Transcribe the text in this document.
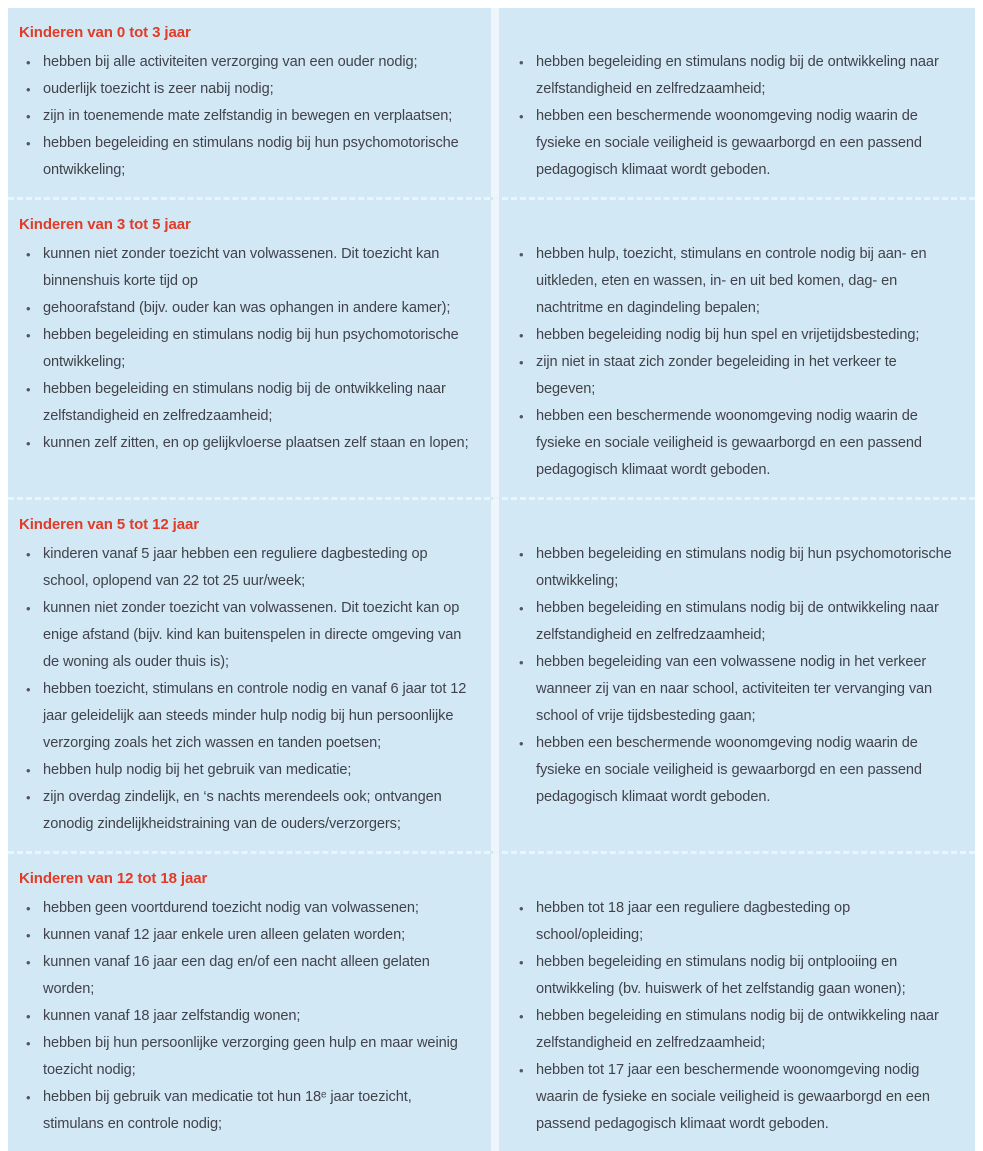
Kinderen van 0 tot 3 jaar
• hebben bij alle activiteiten verzorging van een ouder nodig;
• ouderlijk toezicht is zeer nabij nodig;
• zijn in toenemende mate zelfstandig in bewegen en verplaatsen;
• hebben begeleiding en stimulans nodig bij hun psychomotorische ontwikkeling;
• hebben begeleiding en stimulans nodig bij de ontwikkeling naar zelfstandigheid en zelfredzaamheid;
• hebben een beschermende woonomgeving nodig waarin de fysieke en sociale veiligheid is gewaarborgd en een passend pedagogisch klimaat wordt geboden.
Kinderen van 3 tot 5 jaar
• kunnen niet zonder toezicht van volwassenen. Dit toezicht kan binnenshuis korte tijd op
• gehoorafstand (bijv. ouder kan was ophangen in andere kamer);
• hebben begeleiding en stimulans nodig bij hun psychomotorische ontwikkeling;
• hebben begeleiding en stimulans nodig bij de ontwikkeling naar zelfstandigheid en zelfredzaamheid;
• kunnen zelf zitten, en op gelijkvloerse plaatsen zelf staan en lopen;
• hebben hulp, toezicht, stimulans en controle nodig bij aan- en uitkleden, eten en wassen, in- en uit bed komen, dag- en nachtritme en dagindeling bepalen;
• hebben begeleiding nodig bij hun spel en vrijetijdsbesteding;
• zijn niet in staat zich zonder begeleiding in het verkeer te begeven;
• hebben een beschermende woonomgeving nodig waarin de fysieke en sociale veiligheid is gewaarborgd en een passend pedagogisch klimaat wordt geboden.
Kinderen van 5 tot 12 jaar
• kinderen vanaf 5 jaar hebben een reguliere dagbesteding op school, oplopend van 22 tot 25 uur/week;
• kunnen niet zonder toezicht van volwassenen. Dit toezicht kan op enige afstand (bijv. kind kan buitenspelen in directe omgeving van de woning als ouder thuis is);
• hebben toezicht, stimulans en controle nodig en vanaf 6 jaar tot 12 jaar geleidelijk aan steeds minder hulp nodig bij hun persoonlijke verzorging zoals het zich wassen en tanden poetsen;
• hebben hulp nodig bij het gebruik van medicatie;
• zijn overdag zindelijk, en ‘s nachts merendeels ook; ontvangen zonodig zindelijkheidstraining van de ouders/verzorgers;
• hebben begeleiding en stimulans nodig bij hun psychomotorische ontwikkeling;
• hebben begeleiding en stimulans nodig bij de ontwikkeling naar zelfstandigheid en zelfredzaamheid;
• hebben begeleiding van een volwassene nodig in het verkeer wanneer zij van en naar school, activiteiten ter vervanging van school of vrije tijdsbesteding gaan;
• hebben een beschermende woonomgeving nodig waarin de fysieke en sociale veiligheid is gewaarborgd en een passend pedagogisch klimaat wordt geboden.
Kinderen van 12 tot 18 jaar
• hebben geen voortdurend toezicht nodig van volwassenen;
• kunnen vanaf 12 jaar enkele uren alleen gelaten worden;
• kunnen vanaf 16 jaar een dag en/of een nacht alleen gelaten worden;
• kunnen vanaf 18 jaar zelfstandig wonen;
• hebben bij hun persoonlijke verzorging geen hulp en maar weinig toezicht nodig;
• hebben bij gebruik van medicatie tot hun 18ᵉ jaar toezicht, stimulans en controle nodig;
• hebben tot 18 jaar een reguliere dagbesteding op school/opleiding;
• hebben begeleiding en stimulans nodig bij ontplooiing en ontwikkeling (bv. huiswerk of het zelfstandig gaan wonen);
• hebben begeleiding en stimulans nodig bij de ontwikkeling naar zelfstandigheid en zelfredzaamheid;
• hebben tot 17 jaar een beschermende woonomgeving nodig waarin de fysieke en sociale veiligheid is gewaarborgd en een passend pedagogisch klimaat wordt geboden.
